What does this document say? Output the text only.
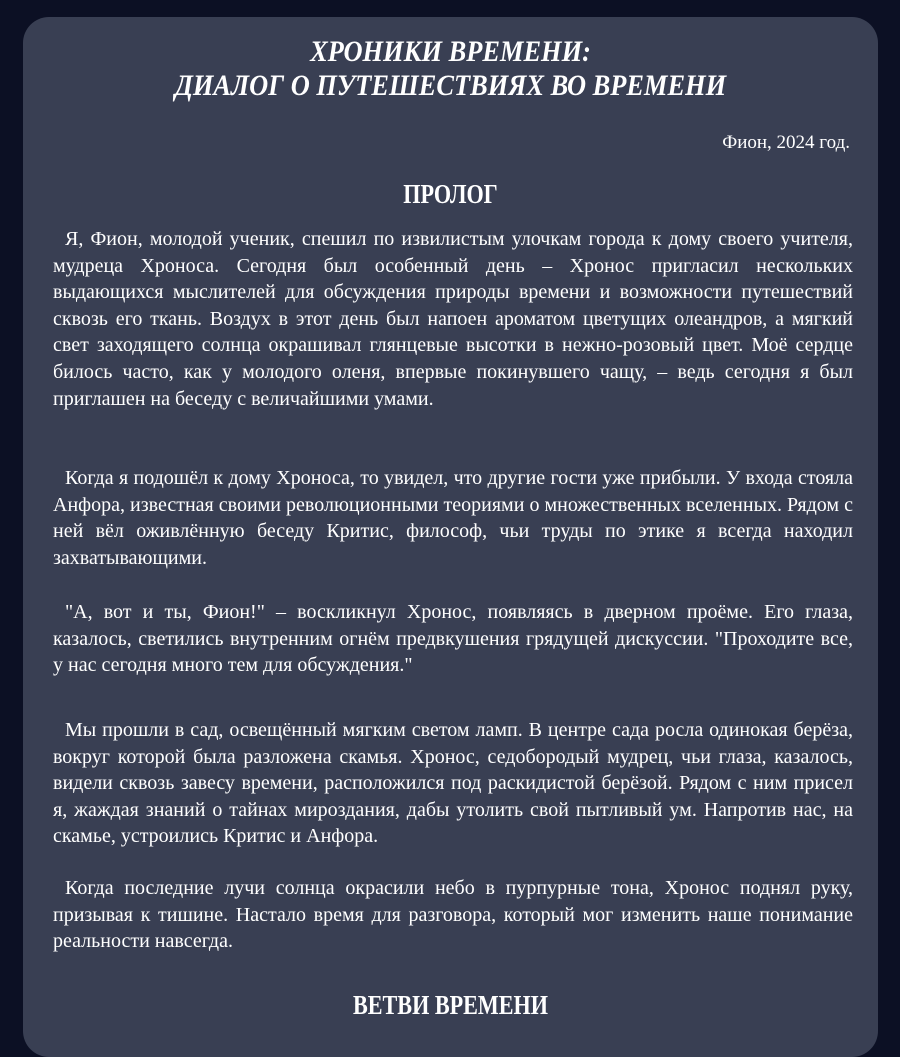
ХРОНИКИ ВРЕМЕНИ:
ДИАЛОГ О ПУТЕШЕСТВИЯХ ВО ВРЕМЕНИ
Фион, 2024 год.
ПРОЛОГ

Я, Фион, молодой ученик, спешил по извилистым улочкам города к дому своего учителя, мудреца Хроноса. Сегодня был особенный день – Хронос пригласил нескольких выдающихся мыслителей для обсуждения природы времени и возможности путешествий сквозь его ткань. Воздух в этот день был напоен ароматом цветущих олеандров, а мягкий свет заходящего солнца окрашивал глянцевые высотки в нежно-розовый цвет. Моё сердце билось часто, как у молодого оленя, впервые покинувшего чащу, – ведь сегодня я был приглашен на беседу с величайшими умами.

Когда я подошёл к дому Хроноса, то увидел, что другие гости уже прибыли. У входа стояла Анфора, известная своими революционными теориями о множественных вселенных. Рядом с ней вёл оживлённую беседу Критис, философ, чьи труды по этике я всегда находил захватывающими.

"А, вот и ты, Фион!" – воскликнул Хронос, появляясь в дверном проёме. Его глаза, казалось, светились внутренним огнём предвкушения грядущей дискуссии. "Проходите все, у нас сегодня много тем для обсуждения."

Мы прошли в сад, освещённый мягким светом ламп. В центре сада росла одинокая берёза, вокруг которой была разложена скамья. Хронос, седобородый мудрец, чьи глаза, казалось, видели сквозь завесу времени, расположился под раскидистой берёзой. Рядом с ним присел я, жаждая знаний о тайнах мироздания, дабы утолить свой пытливый ум. Напротив нас, на скамье, устроились Критис и Анфора.

Когда последние лучи солнца окрасили небо в пурпурные тона, Хронос поднял руку, призывая к тишине. Настало время для разговора, который мог изменить наше понимание реальности навсегда.

ВЕТВИ ВРЕМЕНИ
